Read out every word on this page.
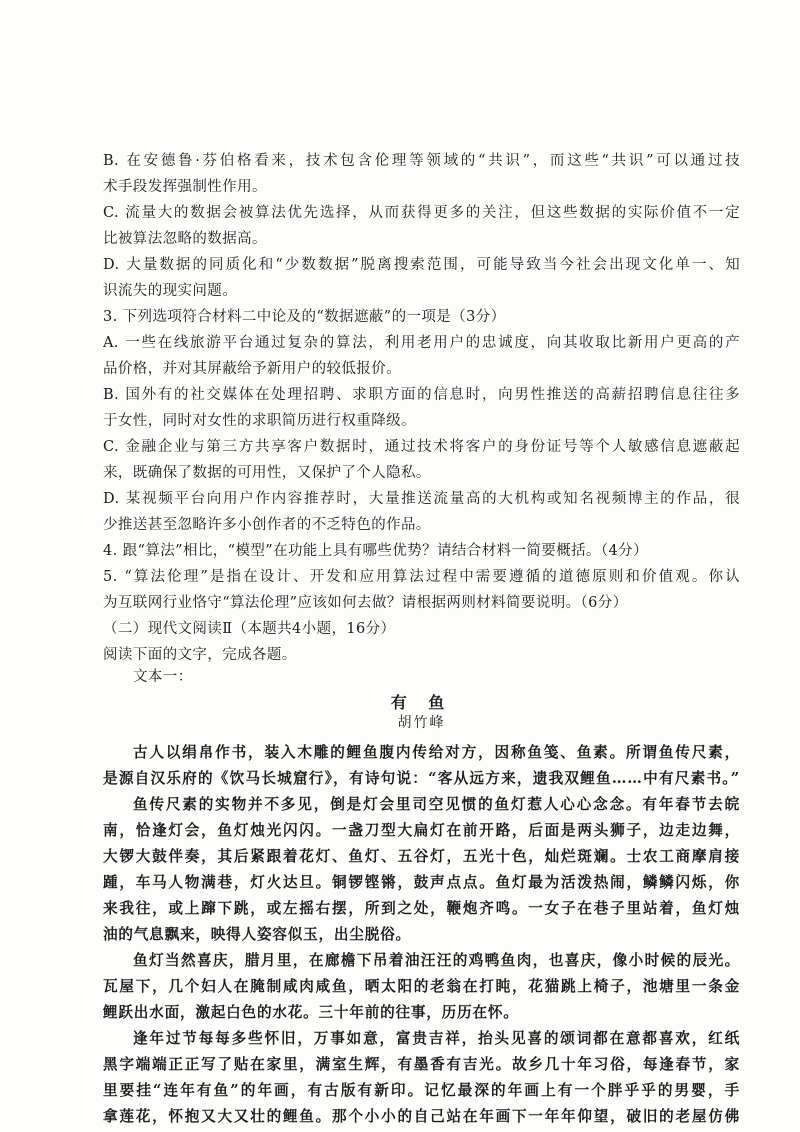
B. 在安德鲁·芬伯格看来，技术包含伦理等领域的“共识”，而这些“共识”可以通过技
术手段发挥强制性作用。
C. 流量大的数据会被算法优先选择，从而获得更多的关注，但这些数据的实际价值不一定
比被算法忽略的数据高。
D. 大量数据的同质化和“少数数据”脱离搜索范围，可能导致当今社会出现文化单一、知
识流失的现实问题。
3. 下列选项符合材料二中论及的“数据遮蔽”的一项是（3分）
A. 一些在线旅游平台通过复杂的算法，利用老用户的忠诚度，向其收取比新用户更高的产
品价格，并对其屏蔽给予新用户的较低报价。
B. 国外有的社交媒体在处理招聘、求职方面的信息时，向男性推送的高薪招聘信息往往多
于女性，同时对女性的求职简历进行权重降级。
C. 金融企业与第三方共享客户数据时，通过技术将客户的身份证号等个人敏感信息遮蔽起
来，既确保了数据的可用性，又保护了个人隐私。
D. 某视频平台向用户作内容推荐时，大量推送流量高的大机构或知名视频博主的作品，很
少推送甚至忽略许多小创作者的不乏特色的作品。
4. 跟“算法”相比，“模型”在功能上具有哪些优势？请结合材料一简要概括。（4分）
5. “算法伦理”是指在设计、开发和应用算法过程中需要遵循的道德原则和价值观。你认
为互联网行业恪守“算法伦理”应该如何去做？请根据两则材料简要说明。（6分）
（二）现代文阅读Ⅱ（本题共4小题，16分）
阅读下面的文字，完成各题。
文本一：
有 鱼
胡竹峰
古人以绢帛作书，装入木雕的鲤鱼腹内传给对方，因称鱼笺、鱼素。所谓鱼传尺素，
是源自汉乐府的《饮马长城窟行》，有诗句说：“客从远方来，遗我双鲤鱼……中有尺素书。”
鱼传尺素的实物并不多见，倒是灯会里司空见惯的鱼灯惹人心心念念。有年春节去皖
南，恰逢灯会，鱼灯烛光闪闪。一盏刀型大扁灯在前开路，后面是两头狮子，边走边舞，
大锣大鼓伴奏，其后紧跟着花灯、鱼灯、五谷灯，五光十色，灿烂斑斓。士农工商摩肩接
踵，车马人物满巷，灯火达旦。铜锣铿锵，鼓声点点。鱼灯最为活泼热闹，鳞鳞闪烁，你
来我往，或上蹿下跳，或左摇右摆，所到之处，鞭炮齐鸣。一女子在巷子里站着，鱼灯烛
油的气息飘来，映得人姿容似玉，出尘脱俗。
鱼灯当然喜庆，腊月里，在廊檐下吊着油汪汪的鸡鸭鱼肉，也喜庆，像小时候的辰光。
瓦屋下，几个妇人在腌制咸肉咸鱼，晒太阳的老翁在打盹，花猫跳上椅子，池塘里一条金
鲤跃出水面，激起白色的水花。三十年前的往事，历历在怀。
逢年过节每每多些怀旧，万事如意，富贵吉祥，抬头见喜的颂词都在意都喜欢，红纸
黑字端端正正写了贴在家里，满室生辉，有墨香有吉光。故乡几十年习俗，每逢春节，家
里要挂“连年有鱼”的年画，有古版有新印。记忆最深的年画上有一个胖乎乎的男婴，手
拿莲花，怀抱又大又壮的鲤鱼。那个小小的自己站在年画下一年年仰望，破旧的老屋仿佛
